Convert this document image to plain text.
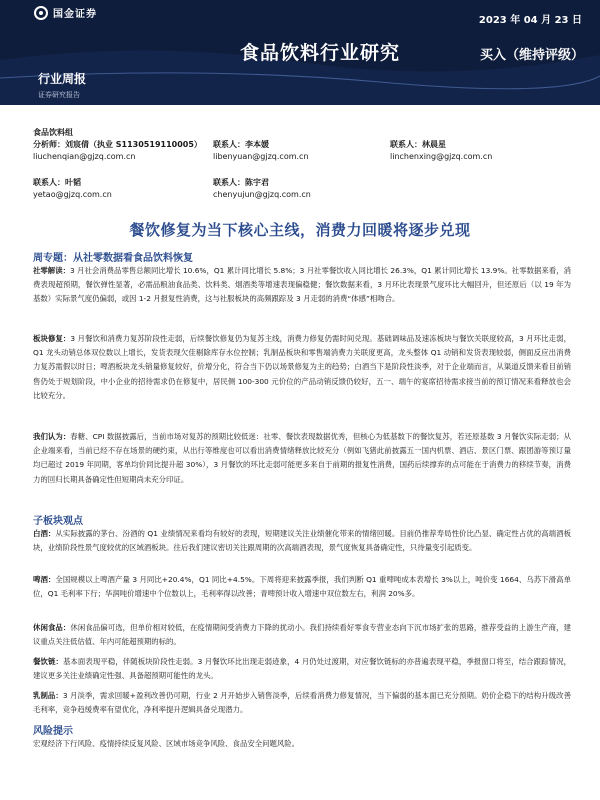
国金证券
2023 年 04 月 23 日
食品饮料行业研究	买入（维持评级）
行业周报
证券研究报告
食品饮料组
分析师：刘宸倩（执业 S1130519110005）
liuchenqian@gjzq.com.cn
联系人：李本媛
libenyuan@gjzq.com.cn
联系人：林晨星
linchenxing@gjzq.com.cn
联系人：叶韬
yetao@gjzq.com.cn
联系人：陈宇君
chenyujun@gjzq.com.cn
餐饮修复为当下核心主线，消费力回暖将逐步兑现
周专题：从社零数据看食品饮料恢复
社零解读：3 月社会消费品零售总额同比增长 10.6%，Q1 累计同比增长 5.8%；3 月社零餐饮收入同比增长 26.3%，Q1 累计同比增长 13.9%。社零数据来看，消费表现超预期，餐饮弹性显著，必需品粮油食品类、饮料类、烟酒类等增速表现偏稳健；餐饮数据来看，3 月环比表现景气度环比大幅回升，但还原后（以 19 年为基数）实际景气度仍偏弱，或因 1-2 月报复性消费，这与社服板块的高频跟踪及 3 月走弱的消费“体感”相吻合。
板块修复：3 月餐饮和消费力复苏阶段性走弱，后续餐饮修复仍为复苏主线，消费力修复仍需时间兑现。基础调味品及速冻板块与餐饮关联度较高，3 月环比走弱，Q1 龙头动销总体双位数以上增长，发货表现欠佳剔除库存水位控制；乳制品板块和零售端消费力关联度更高，龙头整体 Q1 动销和发货表现较弱，侧面反应出消费力复苏需假以时日；啤酒板块龙头销量修复较好，价增分化，符合当下仍以场景修复为主的趋势；白酒当下是阶段性淡季，对于企业端而言，从渠道反馈来看目前销售仍处于规划阶段，中小企业的招待需求仍在修复中，居民侧 100-300 元价位的产品动销反馈仍较好，五一、端午的宴席招待需求接当前的预订情况来看释放也会比较充分。
我们认为：春糖、CPI 数据披露后，当前市场对复苏的预期比较低迷：社零、餐饮表现数据优秀，但核心为低基数下的餐饮复苏，若还原基数 3 月餐饮实际走弱；从企业端来看，当前已经不存在场景的硬约束，从出行等维度也可以看出消费情绪释放比较充分（例如飞猪此前披露五一国内机票、酒店、景区门票、跟团游等预订量均已超过 2019 年同期，客单均价同比提升超 30%），3 月餐饮的环比走弱可能更多来自于前期的报复性消费，国药后续撑弃的点可能在于消费力的移续节奏，消费力的回归长期具备确定性但短期尚未充分印证。
子板块观点
白酒：从实际披露的茅台、汾酒的 Q1 业绩情况来看均有较好的表现，短期建议关注业绩催化带来的情绪回暖。目前仍推荐寿局性价比凸显、确定性占优的高端酒板块，业绩阶段性景气度较优的区域酒板块。往后我们建议密切关注跟周期的次高端酒表现，景气度恢复具备确定性，只待量变引起质变。
啤酒：全国规模以上啤酒产量 3 月同比+20.4%，Q1 同比+4.5%。下周将迎来披露季报，我们判断 Q1 重啤吨成本表增长 3%以上，吨价变 1664、乌苏下滑高单位，Q1 毛利率下行；华润吨价增速中个位数以上，毛利率得以改善；青啤预计收入增速中双位数左右，利润 20%多。
休闲食品：休闲食品偏可选，但单价相对较低，在疫情期间受消费力下降的扰动小。我们持续看好零食专营业态向下沉市场扩张的思路，推荐受益的上游生产商，建议重点关注低估值、年内可能超预期的标的。
餐饮链：基本面表现平稳，伴随板块阶段性走弱。3 月餐饮环比出现走弱迹象，4 月仍处过渡期，对应餐饮链标的亦普遍表现平稳，季报窗口将至，结合跟踪情况，建议更多关注业绩确定性强、具备超预期可能性的龙头。
乳制品：3 月淡季，需求回暖+盈利改善仍可期，行业 2 月开始步入销售淡季，后续看消费力修复情况，当下偏弱的基本面已充分预期。奶价企稳下的结构升级改善毛利率，竞争趋缓费率有望优化，净利率提升逻辑具备兑现潜力。
风险提示
宏观经济下行风险、疫情持续反复风险、区域市场竞争风险、食品安全问题风险。
